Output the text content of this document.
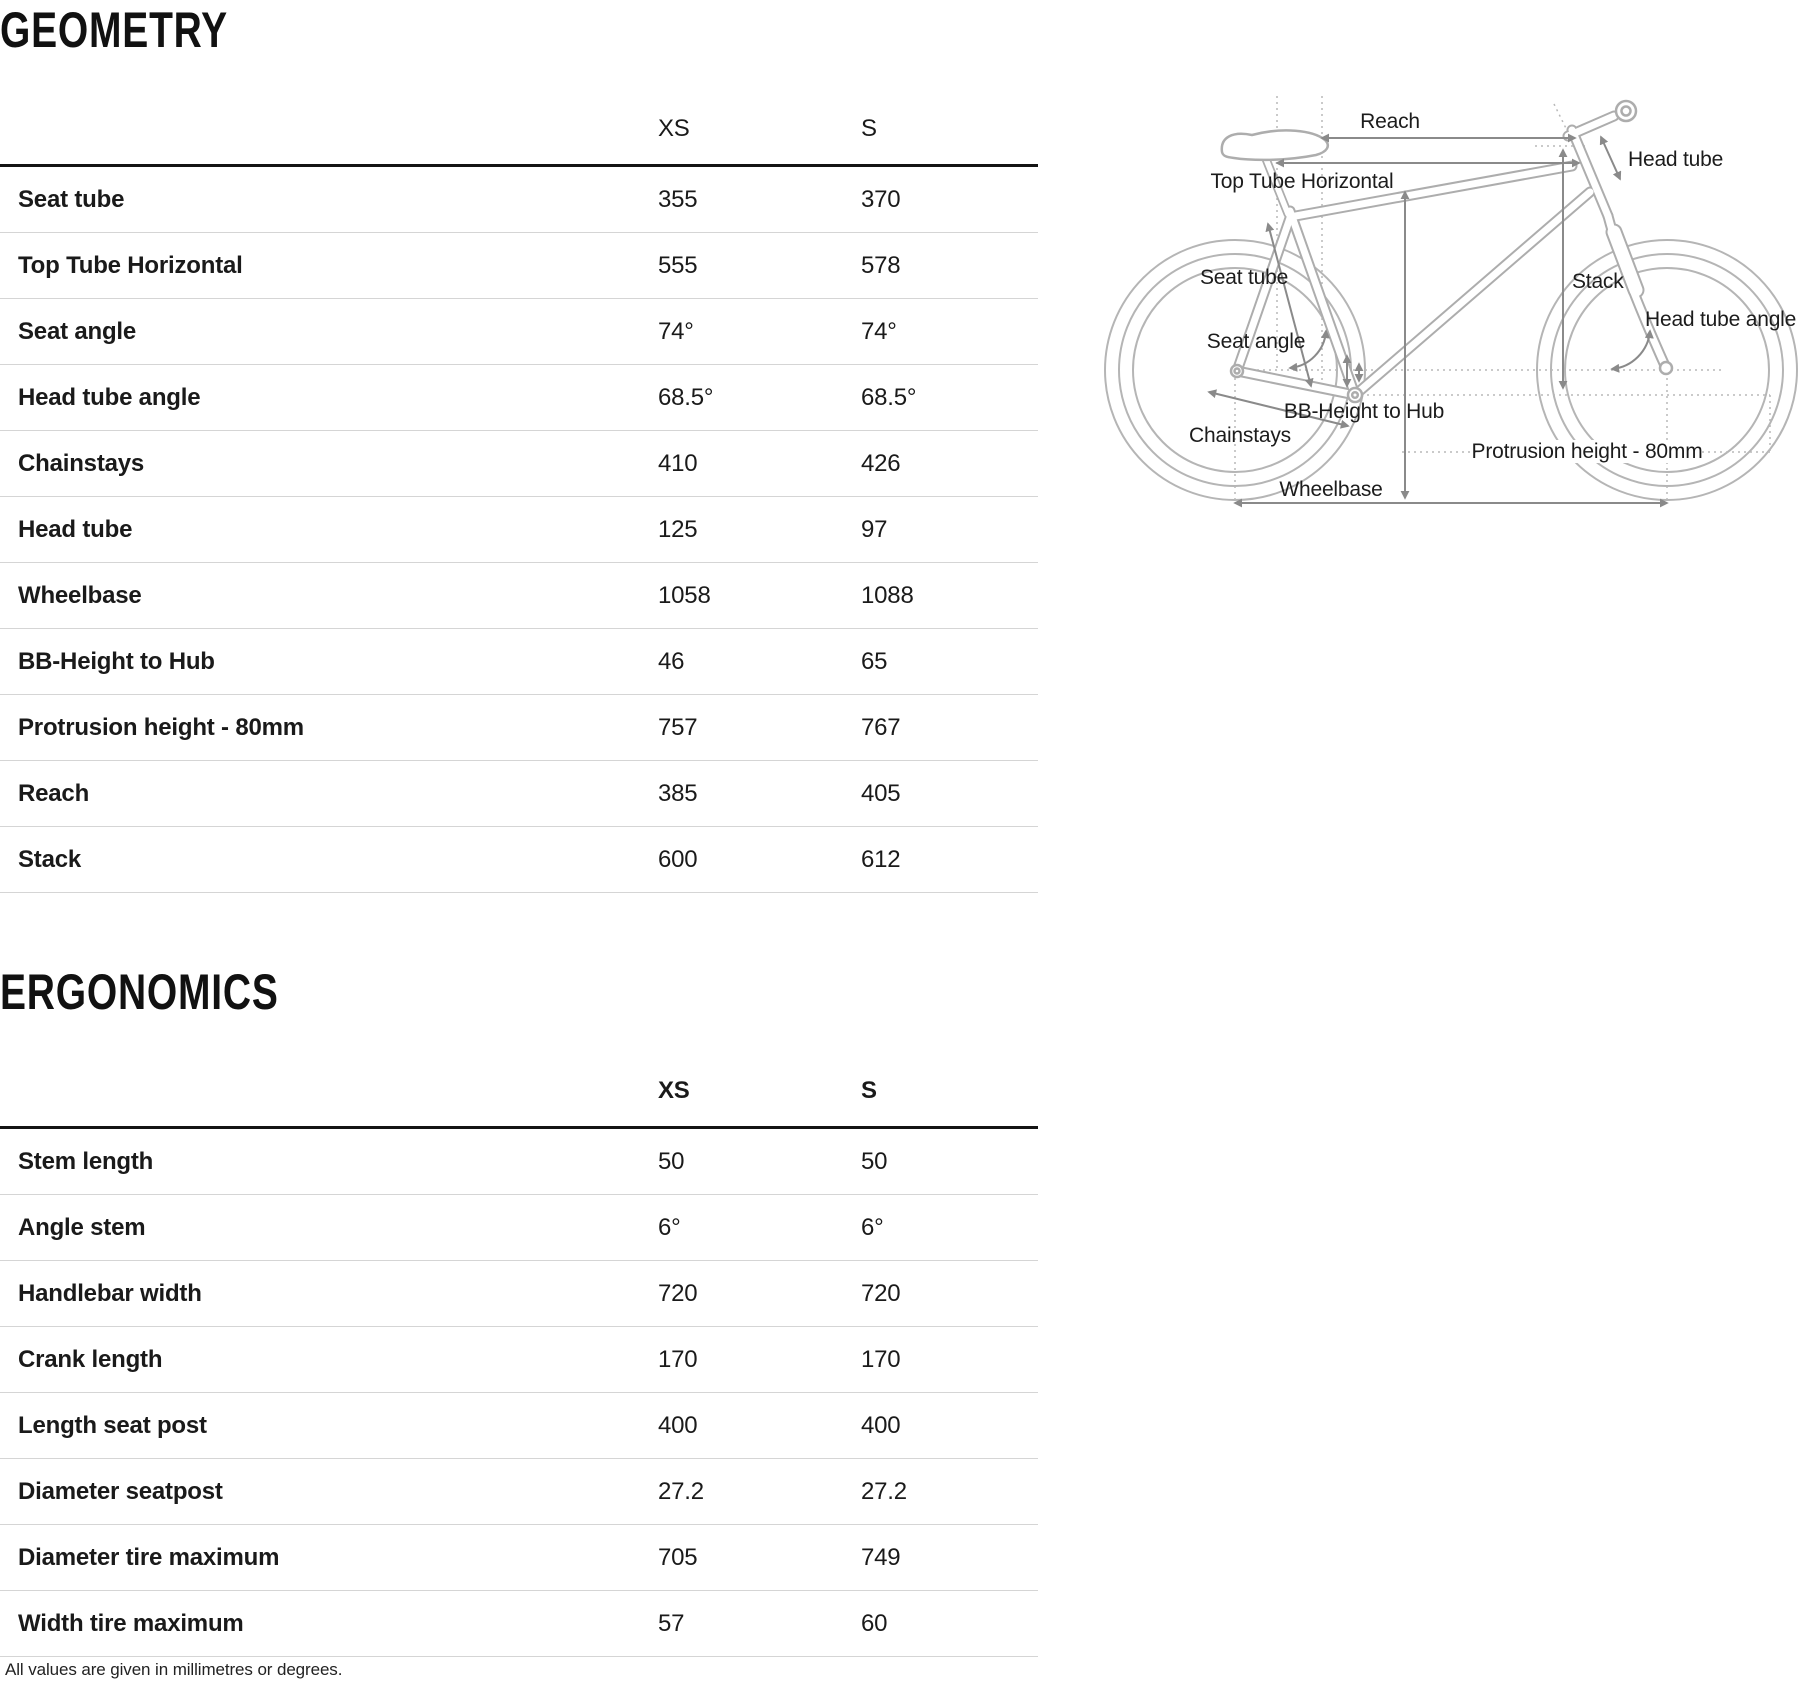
GEOMETRY
XS	S
Seat tube	355	370
Top Tube Horizontal	555	578
Seat angle	74°	74°
Head tube angle	68.5°	68.5°
Chainstays	410	426
Head tube	125	97
Wheelbase	1058	1088
BB-Height to Hub	46	65
Protrusion height - 80mm	757	767
Reach	385	405
Stack	600	612
ERGONOMICS
XS	S
Stem length	50	50
Angle stem	6°	6°
Handlebar width	720	720
Crank length	170	170
Length seat post	400	400
Diameter seatpost	27.2	27.2
Diameter tire maximum	705	749
Width tire maximum	57	60
Reach
Top Tube Horizontal
Seat tube
Seat angle
Chainstays
BB-Height to Hub
Wheelbase
Protrusion height - 80mm
Stack
Head tube
Head tube angle
All values are given in millimetres or degrees.
